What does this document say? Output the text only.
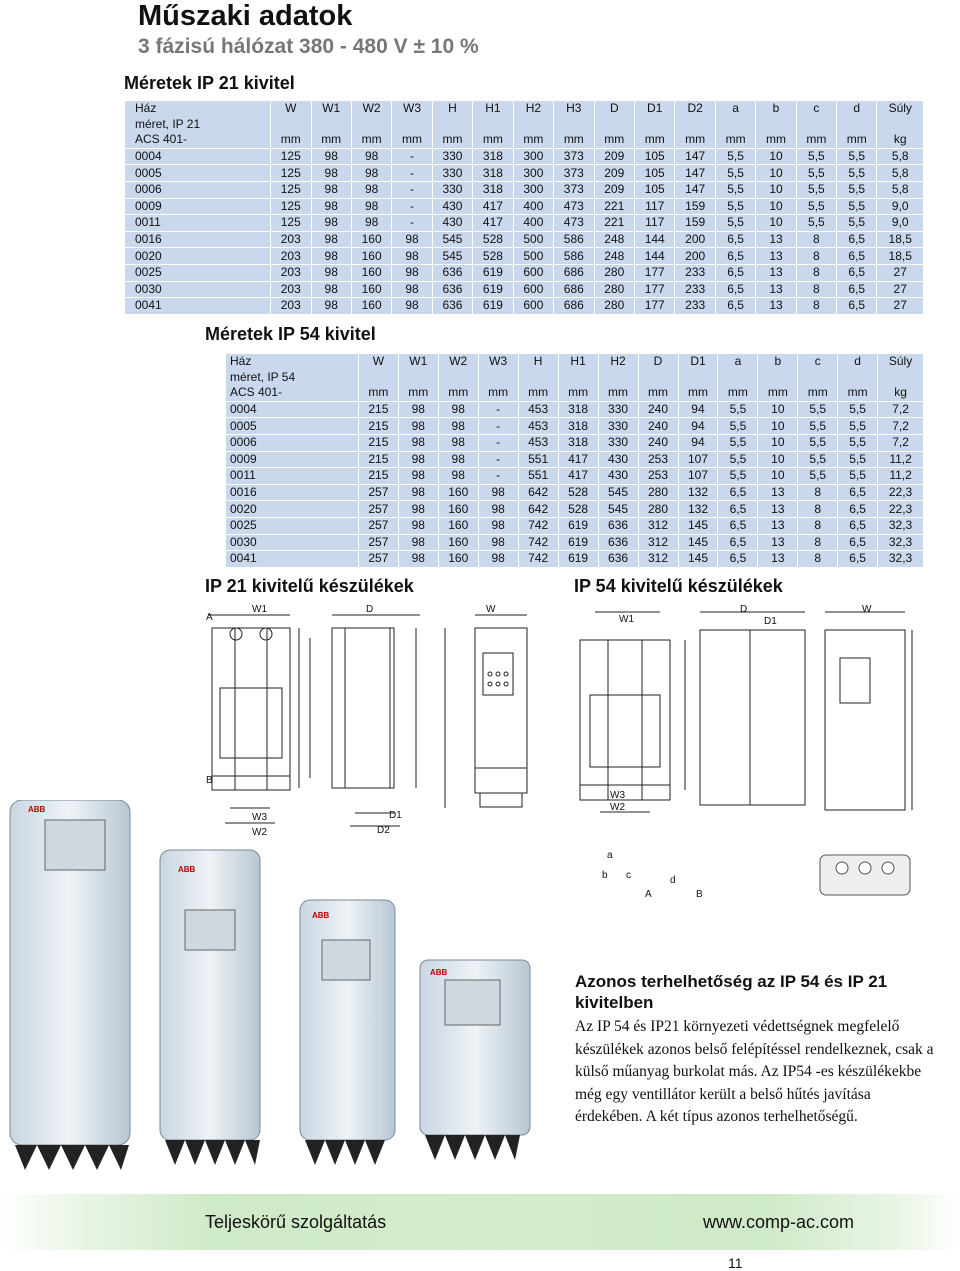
Műszaki adatok
3 fázisú hálózat 380 - 480 V ± 10 %
Méretek IP 21 kivitel
Ház	W	W1	W2	W3	H	H1	H2	H3	D	D1	D2	a	b	c	d	Súly
méret, IP 21																
ACS 401-	mm	mm	mm	mm	mm	mm	mm	mm	mm	mm	mm	mm	mm	mm	mm	kg
0004	125	98	98	-	330	318	300	373	209	105	147	5,5	10	5,5	5,5	5,8
0005	125	98	98	-	330	318	300	373	209	105	147	5,5	10	5,5	5,5	5,8
0006	125	98	98	-	330	318	300	373	209	105	147	5,5	10	5,5	5,5	5,8
0009	125	98	98	-	430	417	400	473	221	117	159	5,5	10	5,5	5,5	9,0
0011	125	98	98	-	430	417	400	473	221	117	159	5,5	10	5,5	5,5	9,0
0016	203	98	160	98	545	528	500	586	248	144	200	6,5	13	8	6,5	18,5
0020	203	98	160	98	545	528	500	586	248	144	200	6,5	13	8	6,5	18,5
0025	203	98	160	98	636	619	600	686	280	177	233	6,5	13	8	6,5	27
0030	203	98	160	98	636	619	600	686	280	177	233	6,5	13	8	6,5	27
0041	203	98	160	98	636	619	600	686	280	177	233	6,5	13	8	6,5	27
Méretek IP 54 kivitel
Ház	W	W1	W2	W3	H	H1	H2	D	D1	a	b	c	d	Súly
méret, IP 54														
ACS 401-	mm	mm	mm	mm	mm	mm	mm	mm	mm	mm	mm	mm	mm	kg
0004	215	98	98	-	453	318	330	240	94	5,5	10	5,5	5,5	7,2
0005	215	98	98	-	453	318	330	240	94	5,5	10	5,5	5,5	7,2
0006	215	98	98	-	453	318	330	240	94	5,5	10	5,5	5,5	7,2
0009	215	98	98	-	551	417	430	253	107	5,5	10	5,5	5,5	11,2
0011	215	98	98	-	551	417	430	253	107	5,5	10	5,5	5,5	11,2
0016	257	98	160	98	642	528	545	280	132	6,5	13	8	6,5	22,3
0020	257	98	160	98	642	528	545	280	132	6,5	13	8	6,5	22,3
0025	257	98	160	98	742	619	636	312	145	6,5	13	8	6,5	32,3
0030	257	98	160	98	742	619	636	312	145	6,5	13	8	6,5	32,3
0041	257	98	160	98	742	619	636	312	145	6,5	13	8	6,5	32,3
IP 21 kivitelű készülékek	IP 54 kivitelű készülékek
A
W1	D	W
B
W3
W2
D1
D2
W1
D
D1
W
W3
W2
a
b c	d
A	B
ABB
ABB
ABB
ABB	Azonos terhelhetőség az IP 54 és IP 21 kivitelben
Az IP 54 és IP21 környezeti védettségnek megfelelő készülékek azonos belső felépítéssel rendelkeznek, csak a külső műanyag burkolat más. Az IP54 -es készülékekbe még egy ventillátor került a belső hűtés javítása érdekében. A két típus azonos terhelhetőségű.
Teljeskörű szolgáltatás	www.comp-ac.com
11
